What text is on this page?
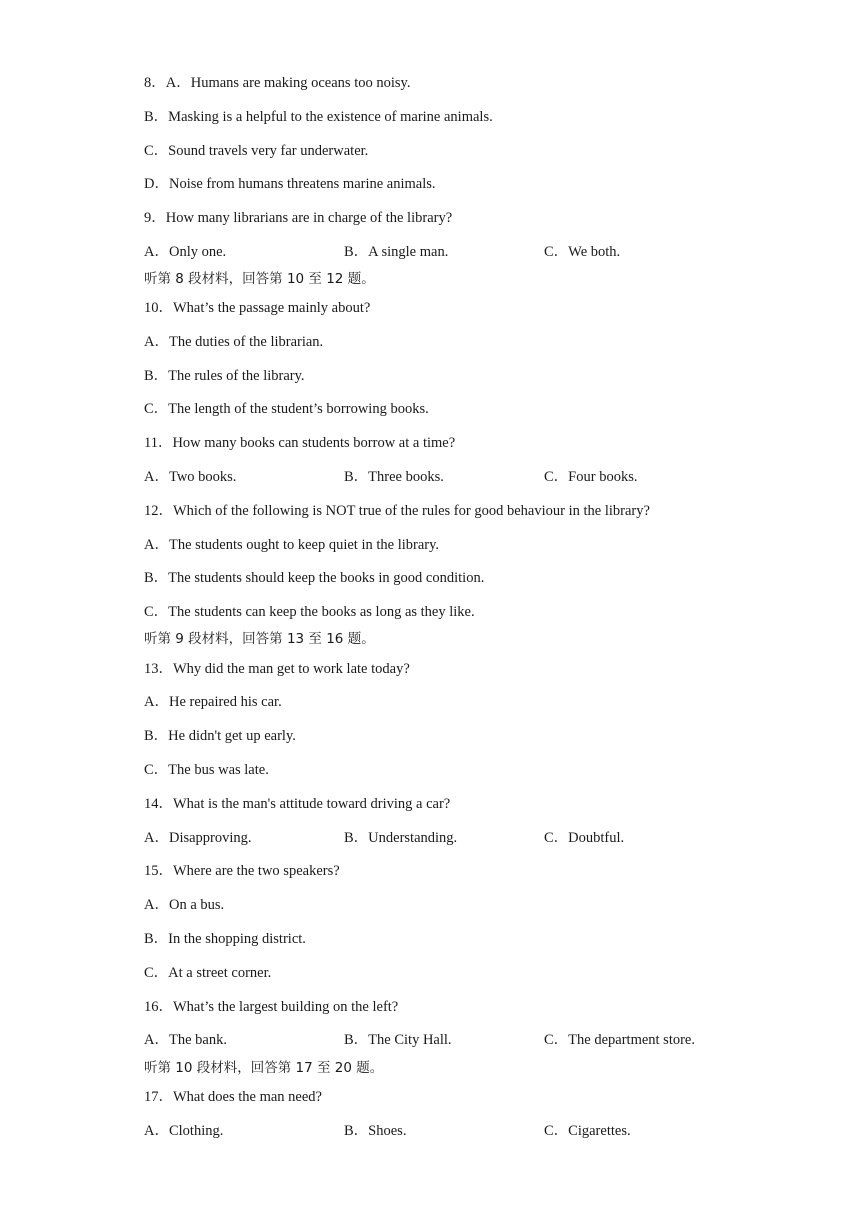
8．A．Humans are making oceans too noisy.
B．Masking is a helpful to the existence of marine animals.
C．Sound travels very far underwater.
D．Noise from humans threatens marine animals.
9．How many librarians are in charge of the library?
A．Only one.	B．A single man.	C．We both.
听第 8 段材料，回答第 10 至 12 题。
10．What’s the passage mainly about?
A．The duties of the librarian.
B．The rules of the library.
C．The length of the student’s borrowing books.
11．How many books can students borrow at a time?
A．Two books.	B．Three books.	C．Four books.
12．Which of the following is NOT true of the rules for good behaviour in the library?
A．The students ought to keep quiet in the library.
B．The students should keep the books in good condition.
C．The students can keep the books as long as they like.
听第 9 段材料，回答第 13 至 16 题。
13．Why did the man get to work late today?
A．He repaired his car.
B．He didn't get up early.
C．The bus was late.
14．What is the man's attitude toward driving a car?
A．Disapproving.	B．Understanding.	C．Doubtful.
15．Where are the two speakers?
A．On a bus.
B．In the shopping district.
C．At a street corner.
16．What’s the largest building on the left?
A．The bank.	B．The City Hall.	C．The department store.
听第 10 段材料，回答第 17 至 20 题。
17．What does the man need?
A．Clothing.	B．Shoes.	C．Cigarettes.
